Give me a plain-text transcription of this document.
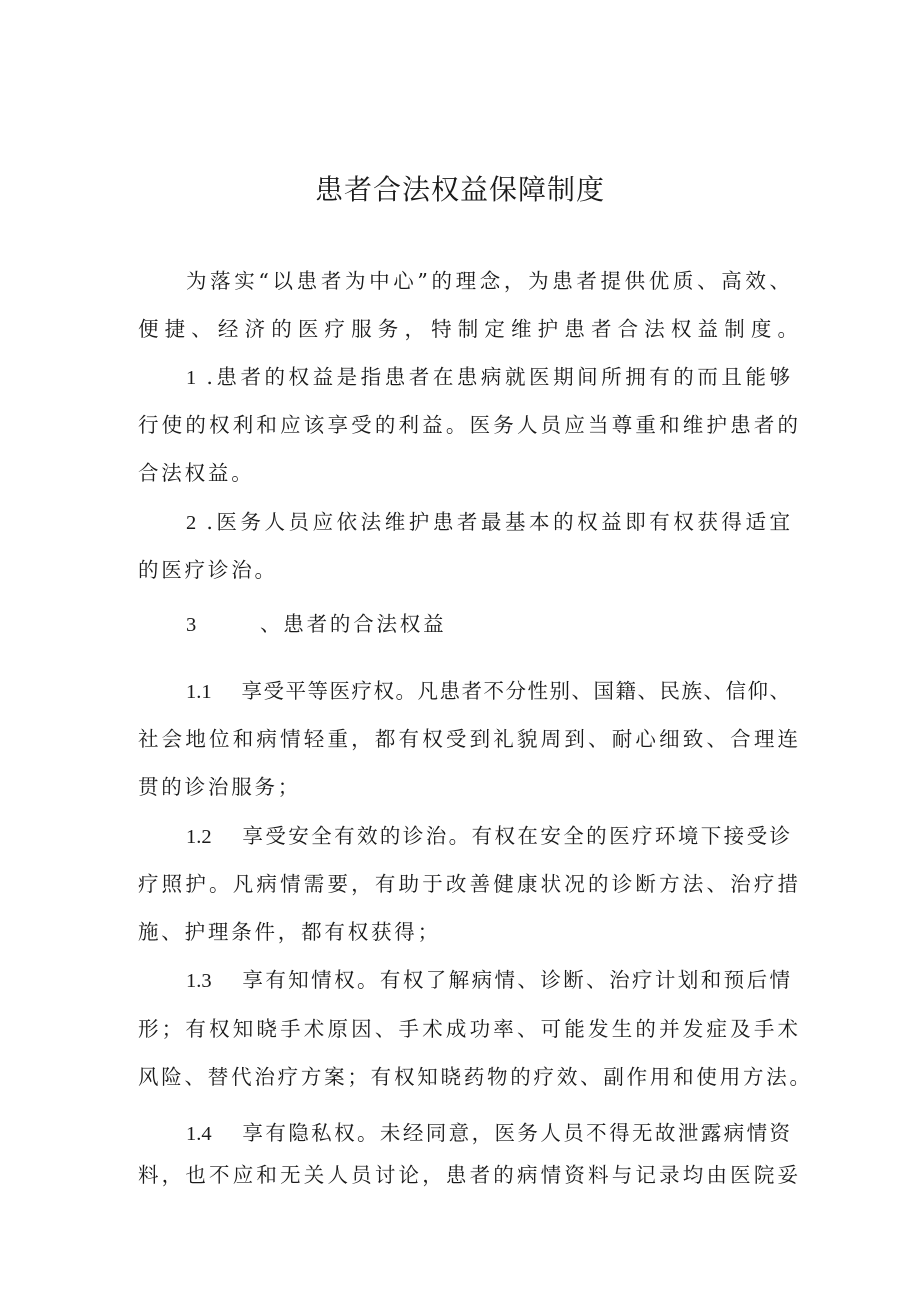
患者合法权益保障制度

为落实“以患者为中心”的理念，为患者提供优质、高效、

便捷、经济的医疗服务，特制定维护患者合法权益制度。

1 .患者的权益是指患者在患病就医期间所拥有的而且能够

行使的权利和应该享受的利益。医务人员应当尊重和维护患者的

合法权益。

2 .医务人员应依法维护患者最基本的权益即有权获得适宜

的医疗诊治。

3	、患者的合法权益

1.1 享受平等医疗权。凡患者不分性别、国籍、民族、信仰、

社会地位和病情轻重，都有权受到礼貌周到、耐心细致、合理连

贯的诊治服务；

1.2 享受安全有效的诊治。有权在安全的医疗环境下接受诊

疗照护。凡病情需要，有助于改善健康状况的诊断方法、治疗措

施、护理条件，都有权获得；

1.3 享有知情权。有权了解病情、诊断、治疗计划和预后情

形；有权知晓手术原因、手术成功率、可能发生的并发症及手术

风险、替代治疗方案；有权知晓药物的疗效、副作用和使用方法。

1.4 享有隐私权。未经同意，医务人员不得无故泄露病情资

料，也不应和无关人员讨论，患者的病情资料与记录均由医院妥
